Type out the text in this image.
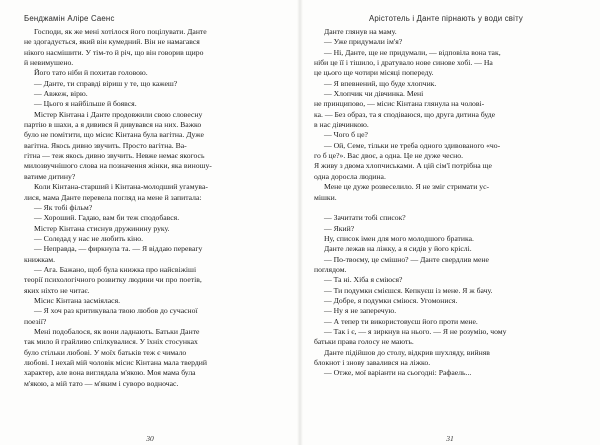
Бенджамін Аліре Саенс
Господи, як же мені хотілося його поцілувати. Данте
не здогадується, який він кумедний. Він не намагався
нікого насмішити. У тім-то й річ, що він говорив щиро
й невимушено.
Його тато ніби й похитав головою.
— Данте, ти справді віриш у те, що кажеш?
— Авжеж, вірю.
— Цього я найбільше й боявся.
Містер Кінтана і Данте продовжили свою словесну
партію в шахи, а я дивився й дивувався на них. Важко
було не помітити, що місис Кінтана була вагітна. Дуже
вагітна. Якось дивно звучить. Просто вагітна. Ва-
гітна — теж якось дивно звучить. Невже немає якогось
милозвучнішого слова на позначення жінки, яка виношу-
ватиме дитину?
Коли Кінтана-старший і Кінтана-молодший угамува-
лися, мама Данте перевела погляд на мене й запитала:
— Як тобі фільм?
— Хороший. Гадаю, вам би теж сподобався.
Містер Кінтана стиснув дружинину руку.
— Соледад у нас не любить кіно.
— Неправда, — фиркнула та. — Я віддаю перевагу
книжкам.
— Ага. Бажано, щоб була книжка про найсвіжіші
теорії психологічного розвитку людини чи про поетів,
яких ніхто не читає.
Місис Кінтана засміялася.
— Я хоч раз критикувала твою любов до сучасної
поезії?
Мені подобалося, як вони ладнають. Батьки Данте
так мило й грайливо спілкувалися. У їхніх стосунках
було стільки любові. У моїх батьків теж є чимало
любові. І нехай мій чоловік місис Кінтана мала твердий
характер, але вона виглядала м'якою. Моя мама була
м'якою, а мій тато — м'яким і суворо водночас.
30
Арістотель і Данте пірнають у води світу
Данте глянув на маму.
— Уже придумали ім'я?
— Ні, Данте, ще не придумали, — відповіла вона так,
ніби це її і тішило, і дратувало нове синове хобі. — На
це цього ще чотири місяці попереду.
— Я впевнений, що буде хлопчик.
— Хлопчик чи дівчинка. Мені
не принципово, — місис Кінтана глянула на чолові-
ка. — Без образ, та я сподіваюся, що друга дитина буде
в нас дівчинкою.
— Чого б це?
— Ой, Семе, тільки не треба одного здивованого «чо-
го б це?». Вас двоє, а одна. Це не дуже чесно.
Я живу з двома хлопчиськами. А цій сім'ї потрібна ще
одна доросла людина.
Мене це дуже розвеселило. Я не зміг стримати ус-
мішки.
— Зачитати тобі список?
— Який?
Ну, список імен для мого молодшого братика.
Данте лежав на ліжку, а я сидів у його кріслі.
— По-твоєму, це смішно? — Данте свердлив мене
поглядом.
— Та ні. Хіба я сміюся?
— Ти подумки смієшся. Кепкуєш із мене. Я ж бачу.
— Добре, я подумки сміюся. Угомонися.
— Ну я не заперечую.
— А тепер ти використовуєш його проти мене.
— Так і є, — я зиркнув на нього. — Я не розумію, чому
батьки права голосу не мають.
Данте підійшов до столу, відкрив шухляду, вийняв
блокнот і знову завалився на ліжко.
— Отже, мої варіанти на сьогодні: Рафаель...
31
